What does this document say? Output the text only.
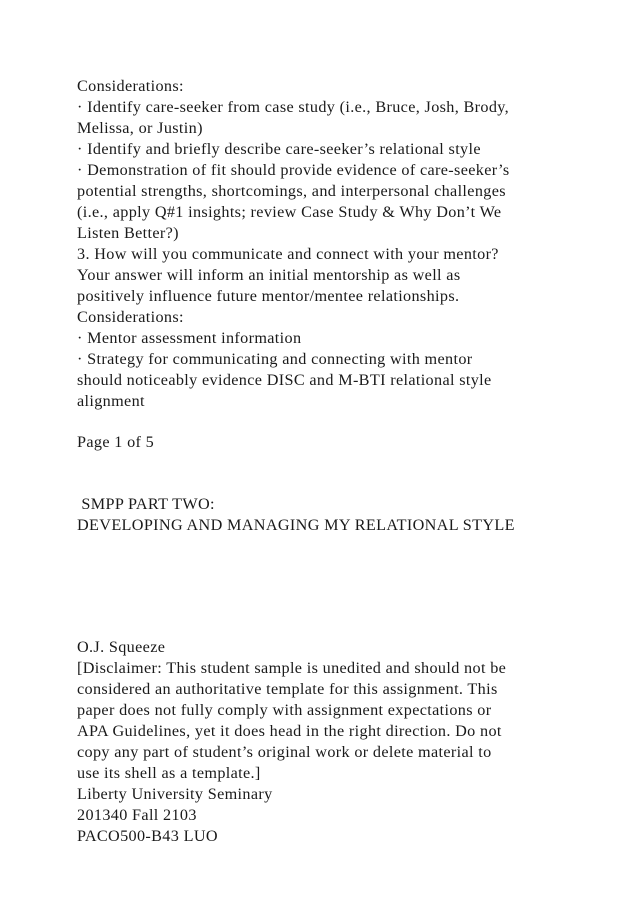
Considerations:
· Identify care-seeker from case study (i.e., Bruce, Josh, Brody,
Melissa, or Justin)
· Identify and briefly describe care-seeker’s relational style
· Demonstration of fit should provide evidence of care-seeker’s
potential strengths, shortcomings, and interpersonal challenges
(i.e., apply Q#1 insights; review Case Study & Why Don’t We
Listen Better?)
3. How will you communicate and connect with your mentor?
Your answer will inform an initial mentorship as well as
positively influence future mentor/mentee relationships.
Considerations:
· Mentor assessment information
· Strategy for communicating and connecting with mentor
should noticeably evidence DISC and M-BTI relational style
alignment
Page 1 of 5
SMPP PART TWO:
DEVELOPING AND MANAGING MY RELATIONAL STYLE
O.J. Squeeze
[Disclaimer: This student sample is unedited and should not be
considered an authoritative template for this assignment. This
paper does not fully comply with assignment expectations or
APA Guidelines, yet it does head in the right direction. Do not
copy any part of student’s original work or delete material to
use its shell as a template.]
Liberty University Seminary
201340 Fall 2103
PACO500-B43 LUO
